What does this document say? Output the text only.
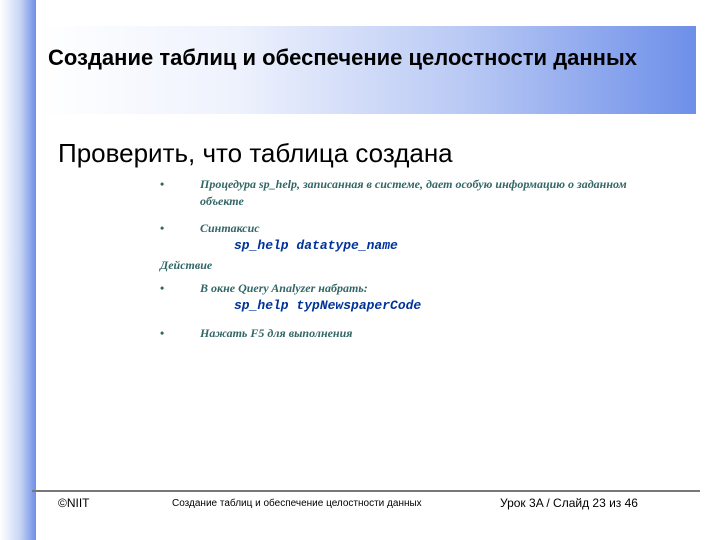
Создание таблиц и обеспечение целостности данных
Проверить, что таблица создана
•	Процедура sp_help, записанная в системе, дает особую информацию о заданном объекте
•	Синтаксис
sp_help datatype_name
Действие
•	В окне Query Analyzer набрать:
sp_help typNewspaperCode
•	Нажать F5 для выполнения
©NIIT	Создание таблиц и обеспечение целостности данных	Урок 3A / Слайд 23 из 46
